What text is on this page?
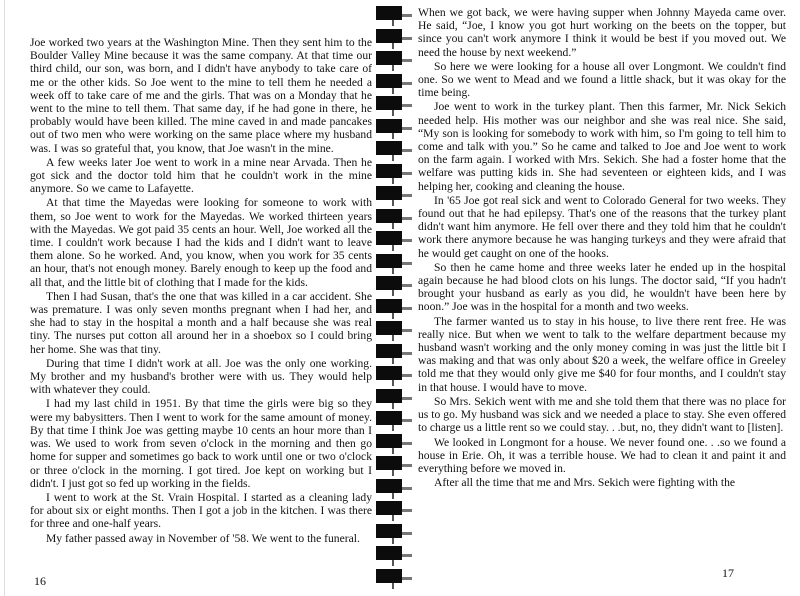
Joe worked two years at the Washington Mine. Then they sent him to the Boulder Valley Mine because it was the same company. At that time our third child, our son, was born, and I didn't have anybody to take care of me or the other kids. So Joe went to the mine to tell them he needed a week off to take care of me and the girls. That was on a Monday that he went to the mine to tell them. That same day, if he had gone in there, he probably would have been killed. The mine caved in and made pancakes out of two men who were working on the same place where my husband was. I was so grateful that, you know, that Joe wasn't in the mine.

A few weeks later Joe went to work in a mine near Arvada. Then he got sick and the doctor told him that he couldn't work in the mine anymore. So we came to Lafayette.

At that time the Mayedas were looking for someone to work with them, so Joe went to work for the Mayedas. We worked thirteen years with the Mayedas. We got paid 35 cents an hour. Well, Joe worked all the time. I couldn't work because I had the kids and I didn't want to leave them alone. So he worked. And, you know, when you work for 35 cents an hour, that's not enough money. Barely enough to keep up the food and all that, and the little bit of clothing that I made for the kids.

Then I had Susan, that's the one that was killed in a car accident. She was premature. I was only seven months pregnant when I had her, and she had to stay in the hospital a month and a half because she was real tiny. The nurses put cotton all around her in a shoebox so I could bring her home. She was that tiny.

During that time I didn't work at all. Joe was the only one working. My brother and my husband's brother were with us. They would help with whatever they could.

I had my last child in 1951. By that time the girls were big so they were my babysitters. Then I went to work for the same amount of money. By that time I think Joe was getting maybe 10 cents an hour more than I was. We used to work from seven o'clock in the morning and then go home for supper and sometimes go back to work until one or two o'clock or three o'clock in the morning. I got tired. Joe kept on working but I didn't. I just got so fed up working in the fields.

I went to work at the St. Vrain Hospital. I started as a cleaning lady for about six or eight months. Then I got a job in the kitchen. I was there for three and one-half years.

My father passed away in November of '58. We went to the funeral.

16

When we got back, we were having supper when Johnny Mayeda came over. He said, “Joe, I know you got hurt working on the beets on the topper, but since you can't work anymore I think it would be best if you moved out. We need the house by next weekend.”

So here we were looking for a house all over Longmont. We couldn't find one. So we went to Mead and we found a little shack, but it was okay for the time being.

Joe went to work in the turkey plant. Then this farmer, Mr. Nick Sekich needed help. His mother was our neighbor and she was real nice. She said, “My son is looking for somebody to work with him, so I'm going to tell him to come and talk with you.” So he came and talked to Joe and Joe went to work on the farm again. I worked with Mrs. Sekich. She had a foster home that the welfare was putting kids in. She had seventeen or eighteen kids, and I was helping her, cooking and cleaning the house.

In '65 Joe got real sick and went to Colorado General for two weeks. They found out that he had epilepsy. That's one of the reasons that the turkey plant didn't want him anymore. He fell over there and they told him that he couldn't work there anymore because he was hanging turkeys and they were afraid that he would get caught on one of the hooks.

So then he came home and three weeks later he ended up in the hospital again because he had blood clots on his lungs. The doctor said, “If you hadn't brought your husband as early as you did, he wouldn't have been here by noon.” Joe was in the hospital for a month and two weeks.

The farmer wanted us to stay in his house, to live there rent free. He was really nice. But when we went to talk to the welfare department because my husband wasn't working and the only money coming in was just the little bit I was making and that was only about $20 a week, the welfare office in Greeley told me that they would only give me $40 for four months, and I couldn't stay in that house. I would have to move.

So Mrs. Sekich went with me and she told them that there was no place for us to go. My husband was sick and we needed a place to stay. She even offered to charge us a little rent so we could stay. . .but, no, they didn't want to [listen].

We looked in Longmont for a house. We never found one. . .so we found a house in Erie. Oh, it was a terrible house. We had to clean it and paint it and everything before we moved in.

After all the time that me and Mrs. Sekich were fighting with the

17
